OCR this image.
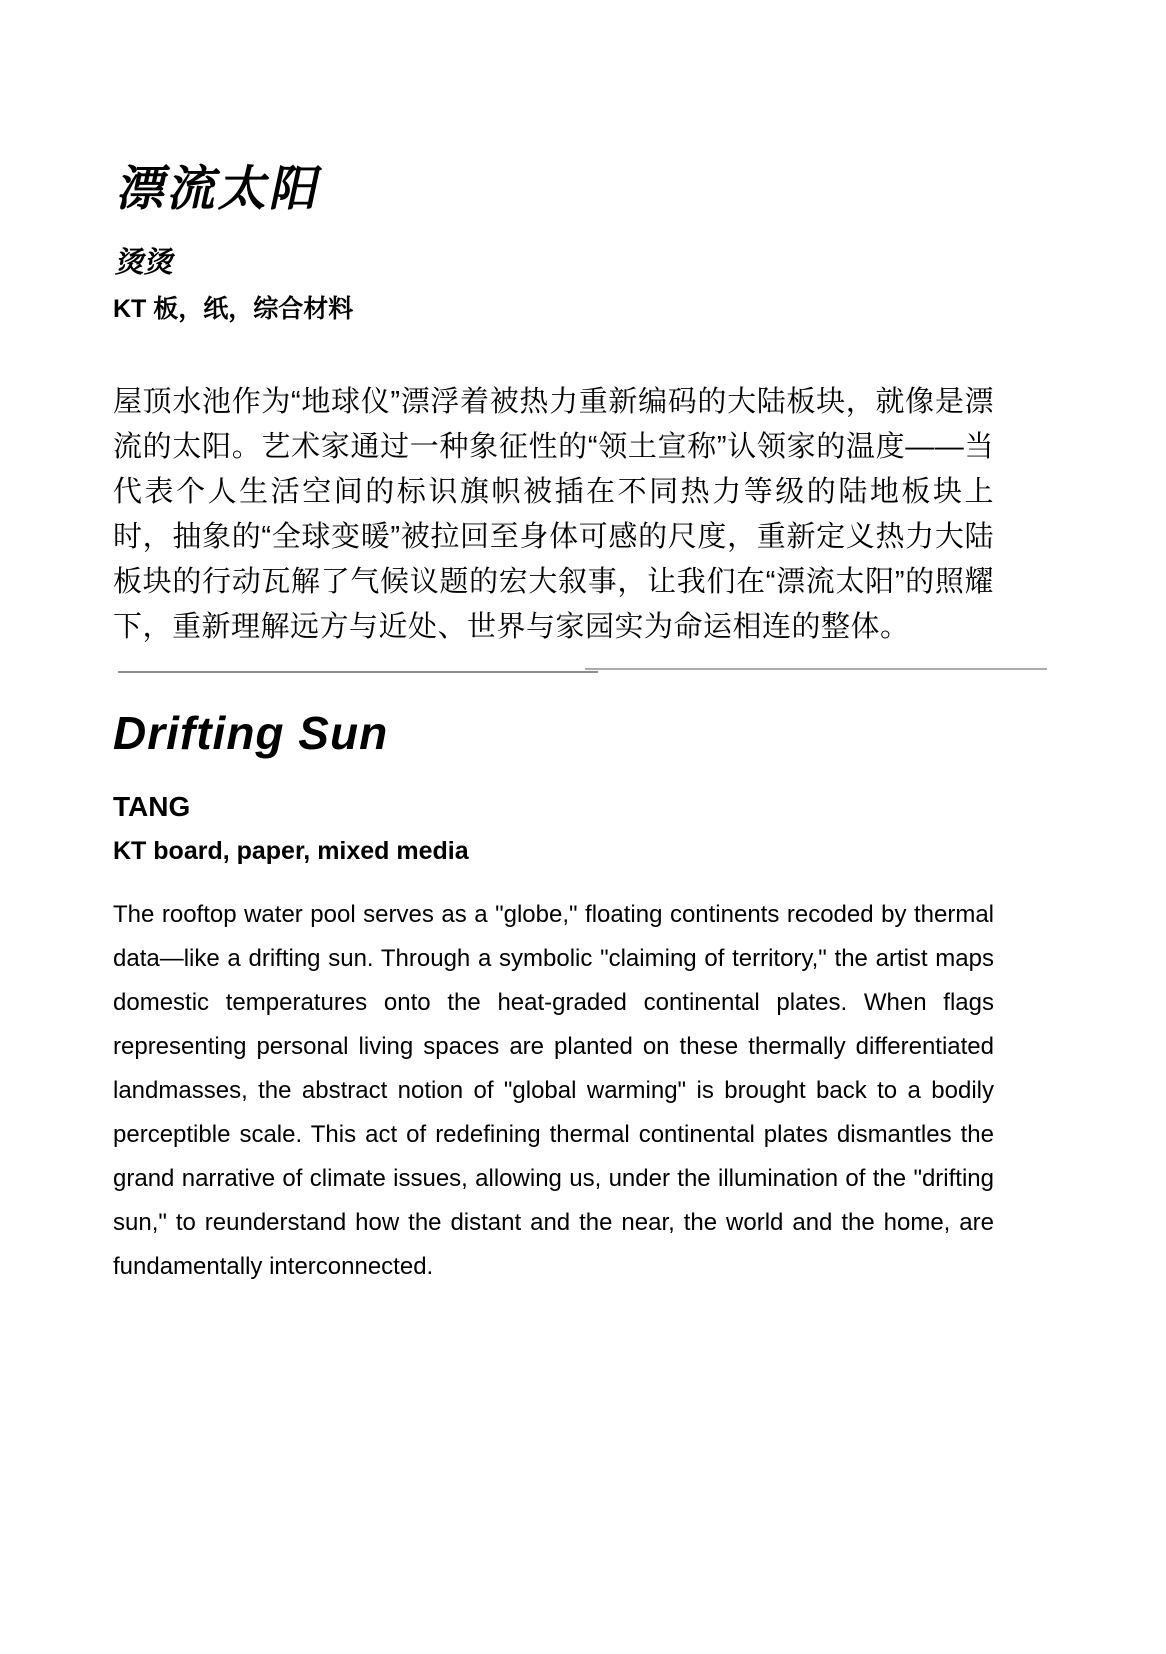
漂流太阳
烫烫
KT 板，纸，综合材料

屋顶水池作为“地球仪”漂浮着被热力重新编码的大陆板块，就像是漂流的太阳。艺术家通过一种象征性的“领土宣称”认领家的温度——当代表个人生活空间的标识旗帜被插在不同热力等级的陆地板块上时，抽象的“全球变暖”被拉回至身体可感的尺度，重新定义热力大陆板块的行动瓦解了气候议题的宏大叙事，让我们在“漂流太阳”的照耀下，重新理解远方与近处、世界与家园实为命运相连的整体。

Drifting Sun
TANG
KT board, paper, mixed media

The rooftop water pool serves as a "globe," floating continents recoded by thermal data—like a drifting sun. Through a symbolic "claiming of territory," the artist maps domestic temperatures onto the heat-graded continental plates. When flags representing personal living spaces are planted on these thermally differentiated landmasses, the abstract notion of "global warming" is brought back to a bodily perceptible scale. This act of redefining thermal continental plates dismantles the grand narrative of climate issues, allowing us, under the illumination of the "drifting sun," to reunderstand how the distant and the near, the world and the home, are fundamentally interconnected.
